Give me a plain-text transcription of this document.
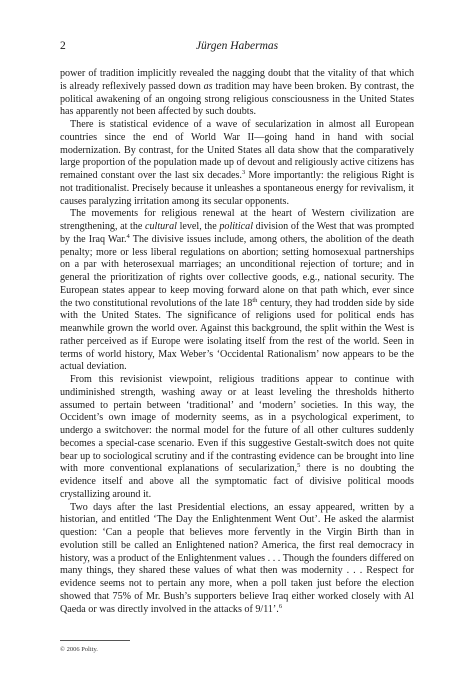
2	Jürgen Habermas

power of tradition implicitly revealed the nagging doubt that the vitality of that which is already reflexively passed down as tradition may have been broken. By contrast, the political awakening of an ongoing strong religious consciousness in the United States has apparently not been affected by such doubts.

There is statistical evidence of a wave of secularization in almost all European countries since the end of World War II—going hand in hand with social modernization. By contrast, for the United States all data show that the comparatively large proportion of the population made up of devout and religiously active citizens has remained constant over the last six decades.$^3$ More importantly: the religious Right is not traditionalist. Precisely because it unleashes a spontaneous energy for revivalism, it causes paralyzing irritation among its secular opponents.

The movements for religious renewal at the heart of Western civilization are strengthening, at the cultural level, the political division of the West that was prompted by the Iraq War.$^4$ The divisive issues include, among others, the abolition of the death penalty; more or less liberal regulations on abortion; setting homosexual partnerships on a par with heterosexual marriages; an unconditional rejection of torture; and in general the prioritization of rights over collective goods, e.g., national security. The European states appear to keep moving forward alone on that path which, ever since the two constitutional revolutions of the late 18th century, they had trodden side by side with the United States. The significance of religions used for political ends has meanwhile grown the world over. Against this background, the split within the West is rather perceived as if Europe were isolating itself from the rest of the world. Seen in terms of world history, Max Weber’s ‘Occidental Rationalism’ now appears to be the actual deviation.

From this revisionist viewpoint, religious traditions appear to continue with undiminished strength, washing away or at least leveling the thresholds hitherto assumed to pertain between ‘traditional’ and ‘modern’ societies. In this way, the Occident’s own image of modernity seems, as in a psychological experiment, to undergo a switchover: the normal model for the future of all other cultures suddenly becomes a special-case scenario. Even if this suggestive Gestalt-switch does not quite bear up to sociological scrutiny and if the contrasting evidence can be brought into line with more conventional explanations of secularization,$^5$ there is no doubting the evidence itself and above all the symptomatic fact of divisive political moods crystallizing around it.

Two days after the last Presidential elections, an essay appeared, written by a historian, and entitled ‘The Day the Enlightenment Went Out’. He asked the alarmist question: ‘Can a people that believes more fervently in the Virgin Birth than in evolution still be called an Enlightened nation? America, the first real democracy in history, was a product of the Enlightenment values . . . Though the founders differed on many things, they shared these values of what then was modernity . . . Respect for evidence seems not to pertain any more, when a poll taken just before the election showed that 75% of Mr. Bush’s supporters believe Iraq either worked closely with Al Qaeda or was directly involved in the attacks of 9/11’.$^6$

© 2006 Polity.
